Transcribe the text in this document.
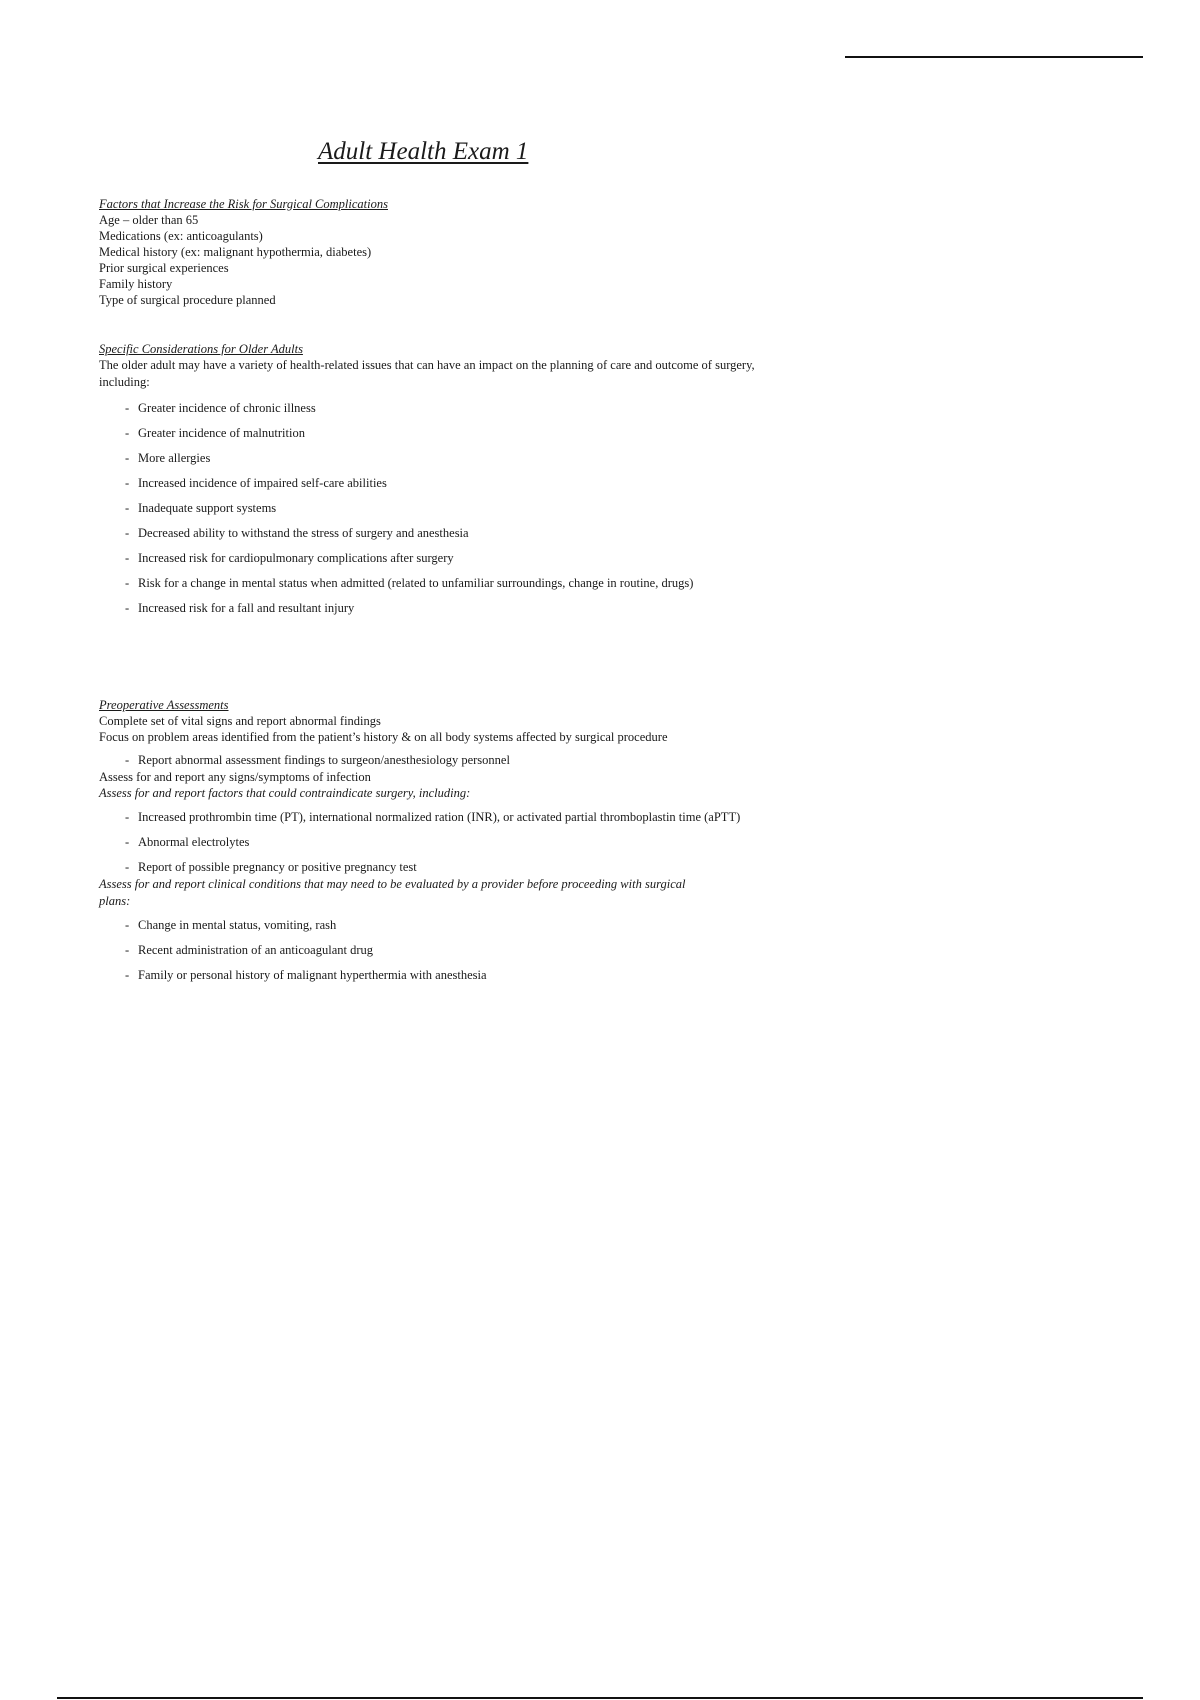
Adult Health Exam 1

Factors that Increase the Risk for Surgical Complications

Age – older than 65

Medications (ex: anticoagulants)

Medical history (ex: malignant hypothermia, diabetes)

Prior surgical experiences

Family history

Type of surgical procedure planned

Specific Considerations for Older Adults

The older adult may have a variety of health-related issues that can have an impact on the planning of care and outcome of surgery, including:

- Greater incidence of chronic illness
- Greater incidence of malnutrition
- More allergies
- Increased incidence of impaired self-care abilities
- Inadequate support systems
- Decreased ability to withstand the stress of surgery and anesthesia
- Increased risk for cardiopulmonary complications after surgery
- Risk for a change in mental status when admitted (related to unfamiliar surroundings, change in routine, drugs)
- Increased risk for a fall and resultant injury

Preoperative Assessments

Complete set of vital signs and report abnormal findings

Focus on problem areas identified from the patient’s history & on all body systems affected by surgical procedure

- Report abnormal assessment findings to surgeon/anesthesiology personnel

Assess for and report any signs/symptoms of infection

Assess for and report factors that could contraindicate surgery, including:

- Increased prothrombin time (PT), international normalized ration (INR), or activated partial thromboplastin time (aPTT)
- Abnormal electrolytes
- Report of possible pregnancy or positive pregnancy test

Assess for and report clinical conditions that may need to be evaluated by a provider before proceeding with surgical plans:

- Change in mental status, vomiting, rash
- Recent administration of an anticoagulant drug
- Family or personal history of malignant hyperthermia with anesthesia
